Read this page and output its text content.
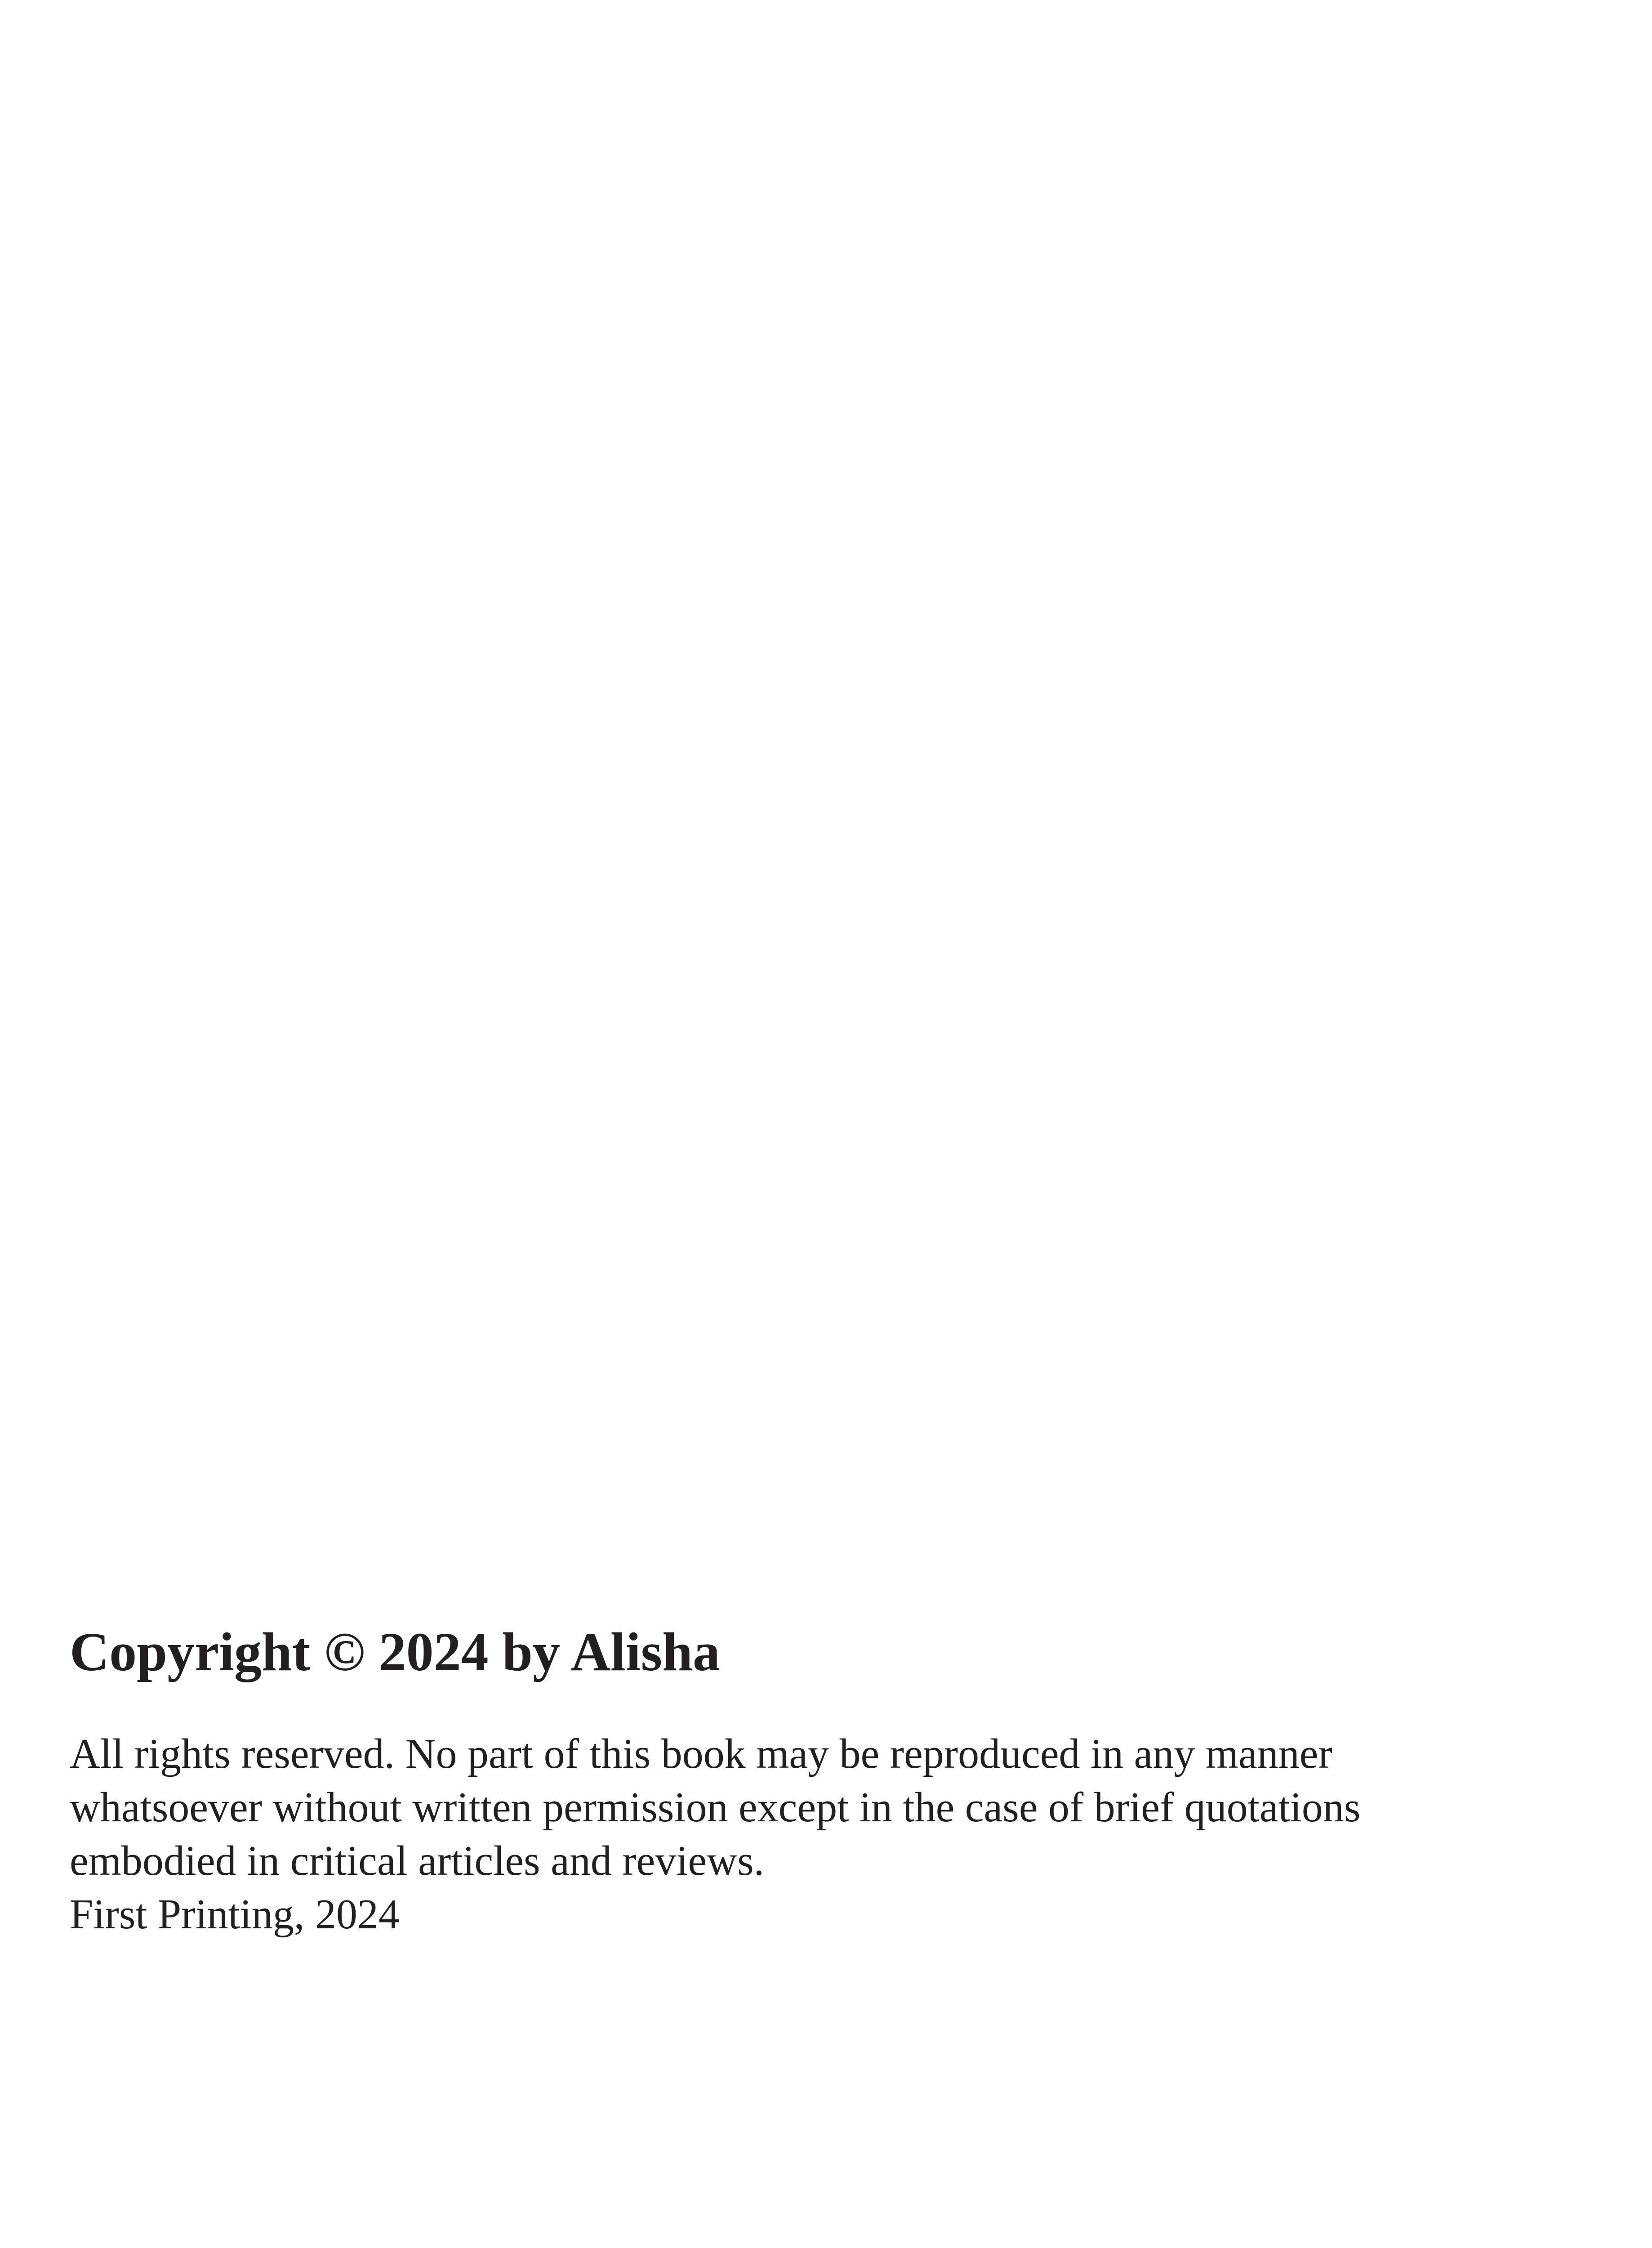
Copyright © 2024 by Alisha

All rights reserved. No part of this book may be reproduced in any manner
whatsoever without written permission except in the case of brief quotations
embodied in critical articles and reviews.
First Printing, 2024
